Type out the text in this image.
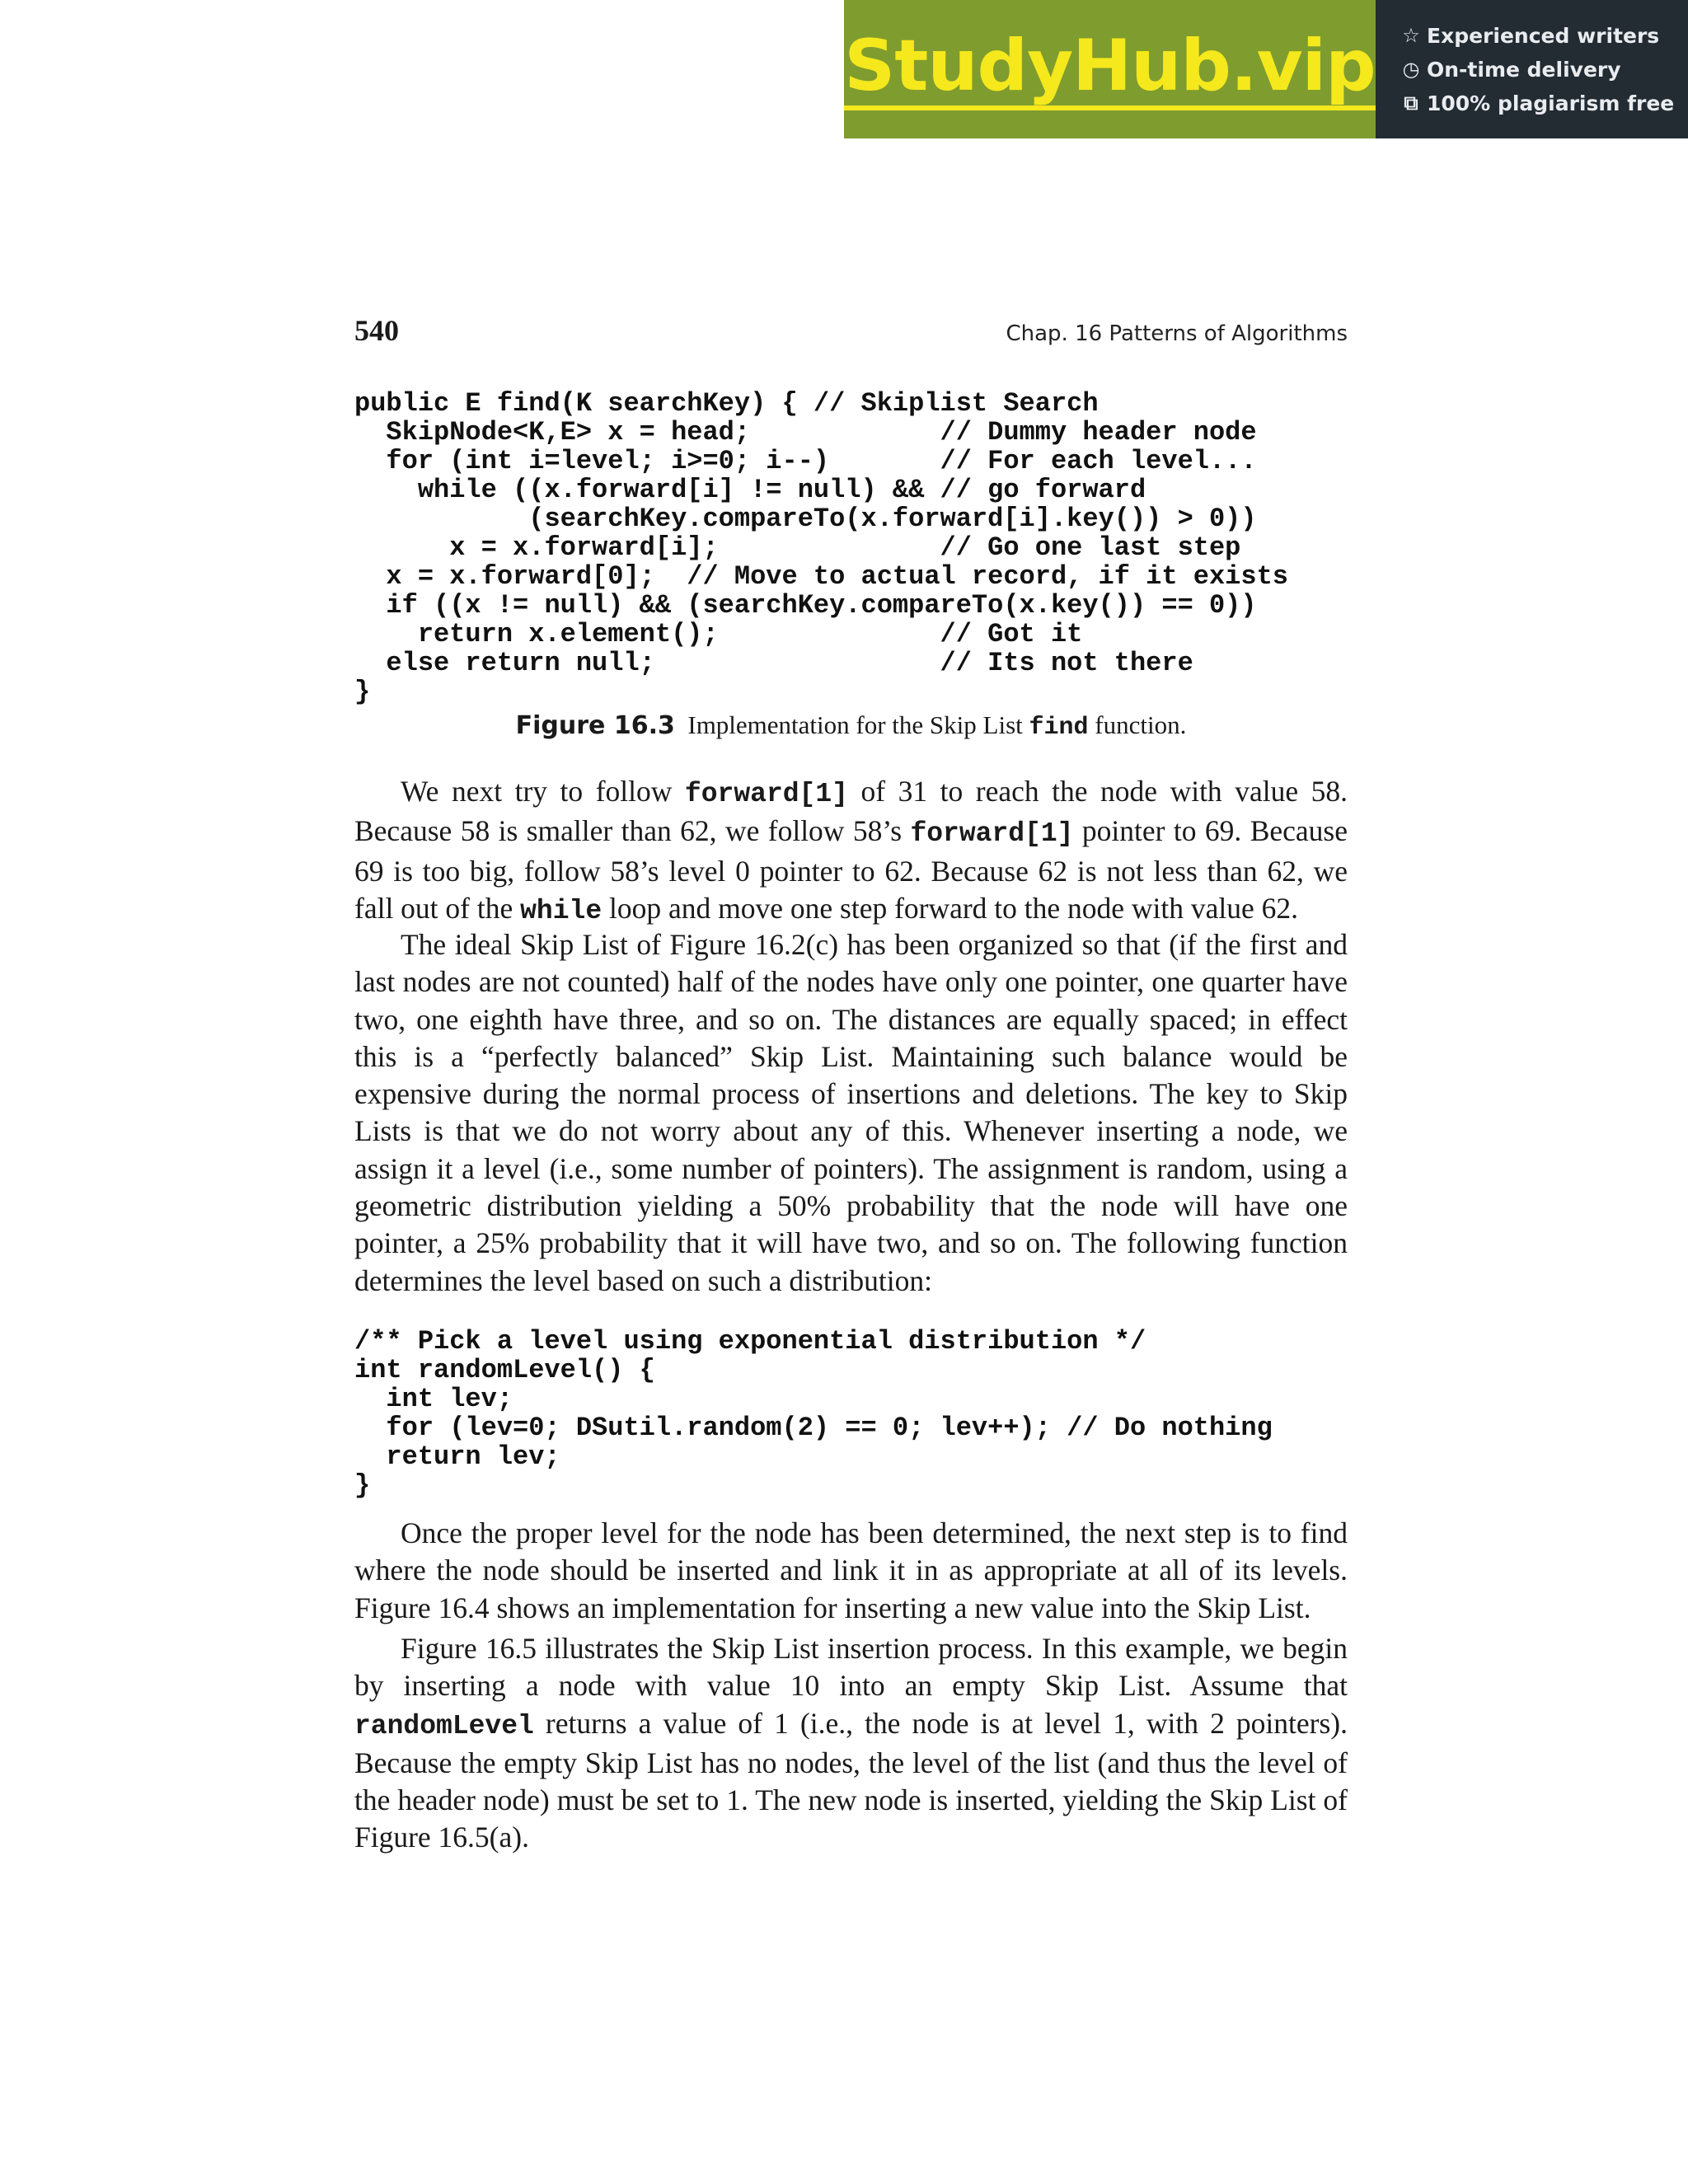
StudyHub.vip ☆ Experienced writers
◷ On-time delivery
⧉ 100% plagiarism free
540	Chap. 16 Patterns of Algorithms
public E find(K searchKey) { // Skiplist Search
SkipNode<K,E> x = head;            // Dummy header node
for (int i=level; i>=0; i--)       // For each level...
while ((x.forward[i] != null) && // go forward
(searchKey.compareTo(x.forward[i].key()) > 0))
x = x.forward[i];              // Go one last step
x = x.forward[0];  // Move to actual record, if it exists
if ((x != null) && (searchKey.compareTo(x.key()) == 0))
return x.element();              // Got it
else return null;                  // Its not there
}
Figure 16.3 Implementation for the Skip List find function.

We next try to follow forward[1] of 31 to reach the node with value 58. Because 58 is smaller than 62, we follow 58’s forward[1] pointer to 69. Because 69 is too big, follow 58’s level 0 pointer to 62. Because 62 is not less than 62, we fall out of the while loop and move one step forward to the node with value 62.

The ideal Skip List of Figure 16.2(c) has been organized so that (if the first and last nodes are not counted) half of the nodes have only one pointer, one quarter have two, one eighth have three, and so on. The distances are equally spaced; in effect this is a “perfectly balanced” Skip List. Maintaining such balance would be expensive during the normal process of insertions and deletions. The key to Skip Lists is that we do not worry about any of this. Whenever inserting a node, we assign it a level (i.e., some number of pointers). The assignment is random, using a geometric distribution yielding a 50% probability that the node will have one pointer, a 25% probability that it will have two, and so on. The following function determines the level based on such a distribution:

/** Pick a level using exponential distribution */
int randomLevel() {
int lev;
for (lev=0; DSutil.random(2) == 0; lev++); // Do nothing
return lev;
}

Once the proper level for the node has been determined, the next step is to find where the node should be inserted and link it in as appropriate at all of its levels. Figure 16.4 shows an implementation for inserting a new value into the Skip List.

Figure 16.5 illustrates the Skip List insertion process. In this example, we begin by inserting a node with value 10 into an empty Skip List. Assume that randomLevel returns a value of 1 (i.e., the node is at level 1, with 2 pointers). Because the empty Skip List has no nodes, the level of the list (and thus the level of the header node) must be set to 1. The new node is inserted, yielding the Skip List of Figure 16.5(a).
